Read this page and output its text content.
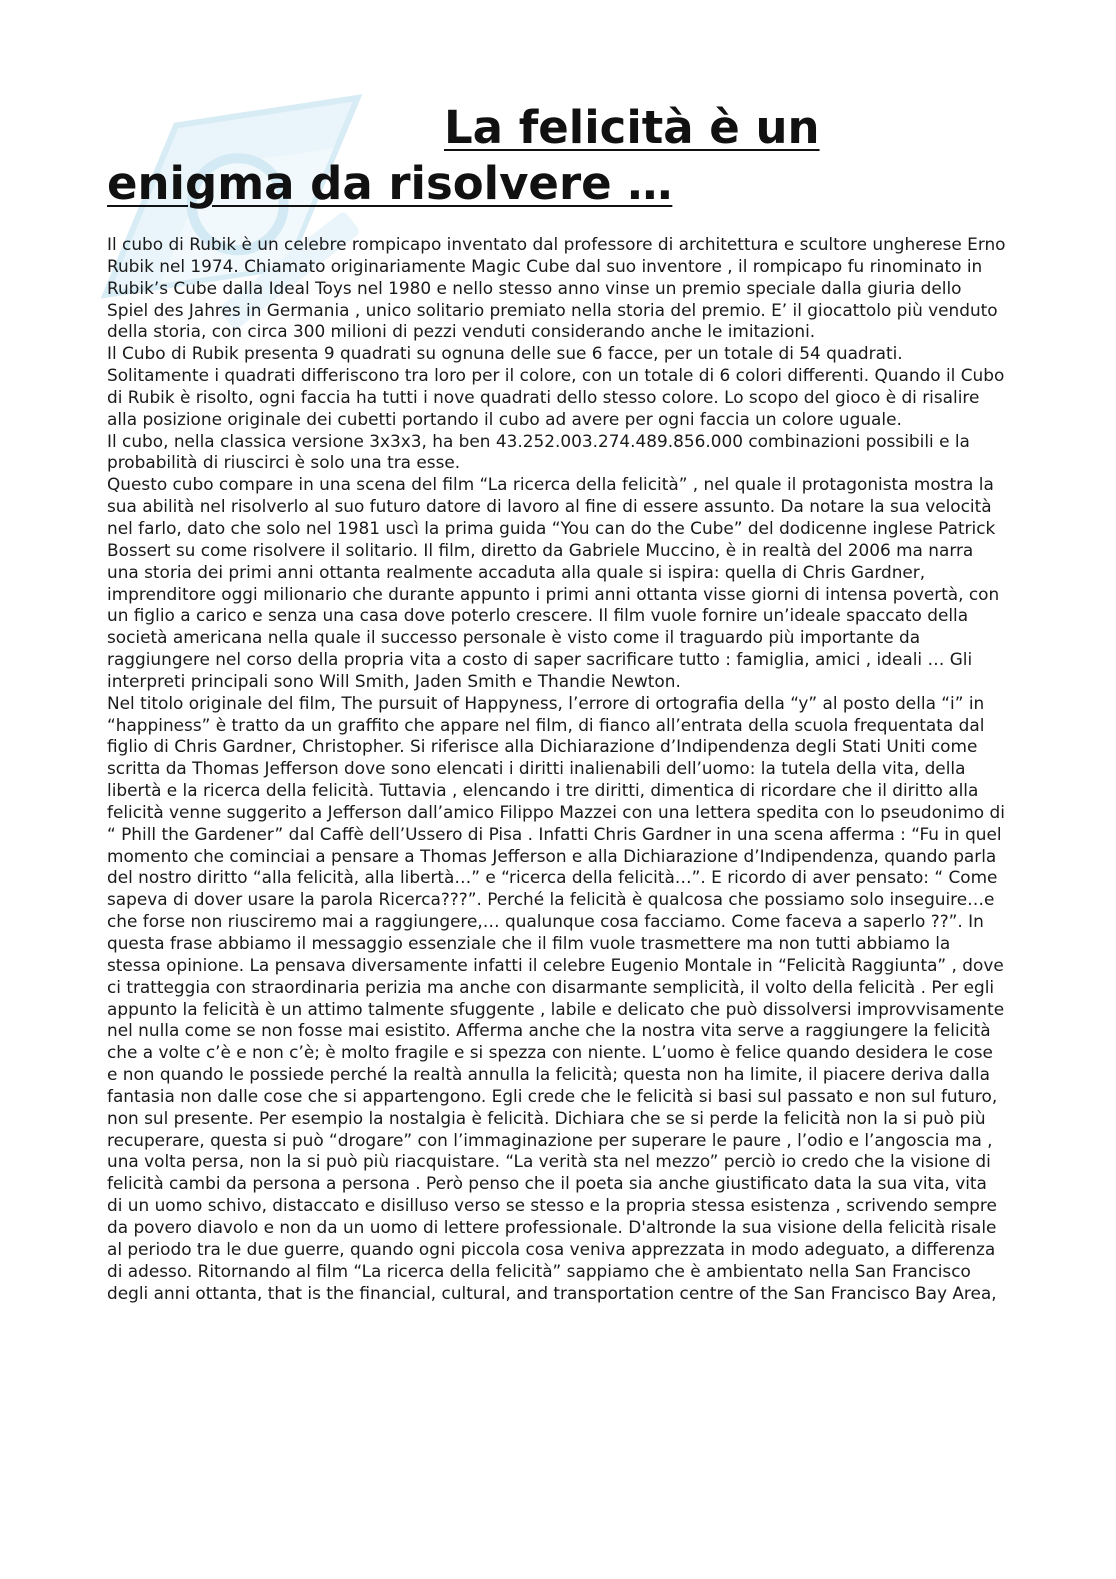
La felicità è un
enigma da risolvere …

Il cubo di Rubik è un celebre rompicapo inventato dal professore di architettura e scultore ungherese Erno Rubik nel 1974. Chiamato originariamente Magic Cube dal suo inventore , il rompicapo fu rinominato in Rubik’s Cube dalla Ideal Toys nel 1980 e nello stesso anno vinse un premio speciale dalla giuria dello Spiel des Jahres in Germania , unico solitario premiato nella storia del premio. E’ il giocattolo più venduto della storia, con circa 300 milioni di pezzi venduti considerando anche le imitazioni.

Il Cubo di Rubik presenta 9 quadrati su ognuna delle sue 6 facce, per un totale di 54 quadrati. Solitamente i quadrati differiscono tra loro per il colore, con un totale di 6 colori differenti. Quando il Cubo di Rubik è risolto, ogni faccia ha tutti i nove quadrati dello stesso colore. Lo scopo del gioco è di risalire alla posizione originale dei cubetti portando il cubo ad avere per ogni faccia un colore uguale.

Il cubo, nella classica versione 3x3x3, ha ben 43.252.003.274.489.856.000 combinazioni possibili e la probabilità di riuscirci è solo una tra esse.

Questo cubo compare in una scena del film “La ricerca della felicità” , nel quale il protagonista mostra la sua abilità nel risolverlo al suo futuro datore di lavoro al fine di essere assunto. Da notare la sua velocità nel farlo, dato che solo nel 1981 uscì la prima guida “You can do the Cube” del dodicenne inglese Patrick Bossert su come risolvere il solitario. Il film, diretto da Gabriele Muccino, è in realtà del 2006 ma narra una storia dei primi anni ottanta realmente accaduta alla quale si ispira: quella di Chris Gardner, imprenditore oggi milionario che durante appunto i primi anni ottanta visse giorni di intensa povertà, con un figlio a carico e senza una casa dove poterlo crescere. Il film vuole fornire un’ideale spaccato della società americana nella quale il successo personale è visto come il traguardo più importante da raggiungere nel corso della propria vita a costo di saper sacrificare tutto : famiglia, amici , ideali … Gli interpreti principali sono Will Smith, Jaden Smith e Thandie Newton.

Nel titolo originale del film, The pursuit of Happyness, l’errore di ortografia della “y” al posto della “i” in “happiness” è tratto da un graffito che appare nel film, di fianco all’entrata della scuola frequentata dal figlio di Chris Gardner, Christopher. Si riferisce alla Dichiarazione d’Indipendenza degli Stati Uniti come scritta da Thomas Jefferson dove sono elencati i diritti inalienabili dell’uomo: la tutela della vita, della libertà e la ricerca della felicità. Tuttavia , elencando i tre diritti, dimentica di ricordare che il diritto alla felicità venne suggerito a Jefferson dall’amico Filippo Mazzei con una lettera spedita con lo pseudonimo di “ Phill the Gardener” dal Caffè dell’Ussero di Pisa . Infatti Chris Gardner in una scena afferma : “Fu in quel momento che cominciai a pensare a Thomas Jefferson e alla Dichiarazione d’Indipendenza, quando parla del nostro diritto “alla felicità, alla libertà…” e “ricerca della felicità…”. E ricordo di aver pensato: “ Come sapeva di dover usare la parola Ricerca???”. Perché la felicità è qualcosa che possiamo solo inseguire…e che forse non riusciremo mai a raggiungere,… qualunque cosa facciamo. Come faceva a saperlo ??”. In questa frase abbiamo il messaggio essenziale che il film vuole trasmettere ma non tutti abbiamo la stessa opinione. La pensava diversamente infatti il celebre Eugenio Montale in “Felicità Raggiunta” , dove ci tratteggia con straordinaria perizia ma anche con disarmante semplicità, il volto della felicità . Per egli appunto la felicità è un attimo talmente sfuggente , labile e delicato che può dissolversi improvvisamente nel nulla come se non fosse mai esistito. Afferma anche che la nostra vita serve a raggiungere la felicità che a volte c’è e non c’è; è molto fragile e si spezza con niente. L’uomo è felice quando desidera le cose e non quando le possiede perché la realtà annulla la felicità; questa non ha limite, il piacere deriva dalla fantasia non dalle cose che si appartengono. Egli crede che le felicità si basi sul passato e non sul futuro, non sul presente. Per esempio la nostalgia è felicità. Dichiara che se si perde la felicità non la si può più recuperare, questa si può “drogare” con l’immaginazione per superare le paure , l’odio e l’angoscia ma , una volta persa, non la si può più riacquistare. “La verità sta nel mezzo” perciò io credo che la visione di felicità cambi da persona a persona . Però penso che il poeta sia anche giustificato data la sua vita, vita di un uomo schivo, distaccato e disilluso verso se stesso e la propria stessa esistenza , scrivendo sempre da povero diavolo e non da un uomo di lettere professionale. D'altronde la sua visione della felicità risale al periodo tra le due guerre, quando ogni piccola cosa veniva apprezzata in modo adeguato, a differenza di adesso. Ritornando al film “La ricerca della felicità” sappiamo che è ambientato nella San Francisco degli anni ottanta, that is the financial, cultural, and transportation centre of the San Francisco Bay Area,
